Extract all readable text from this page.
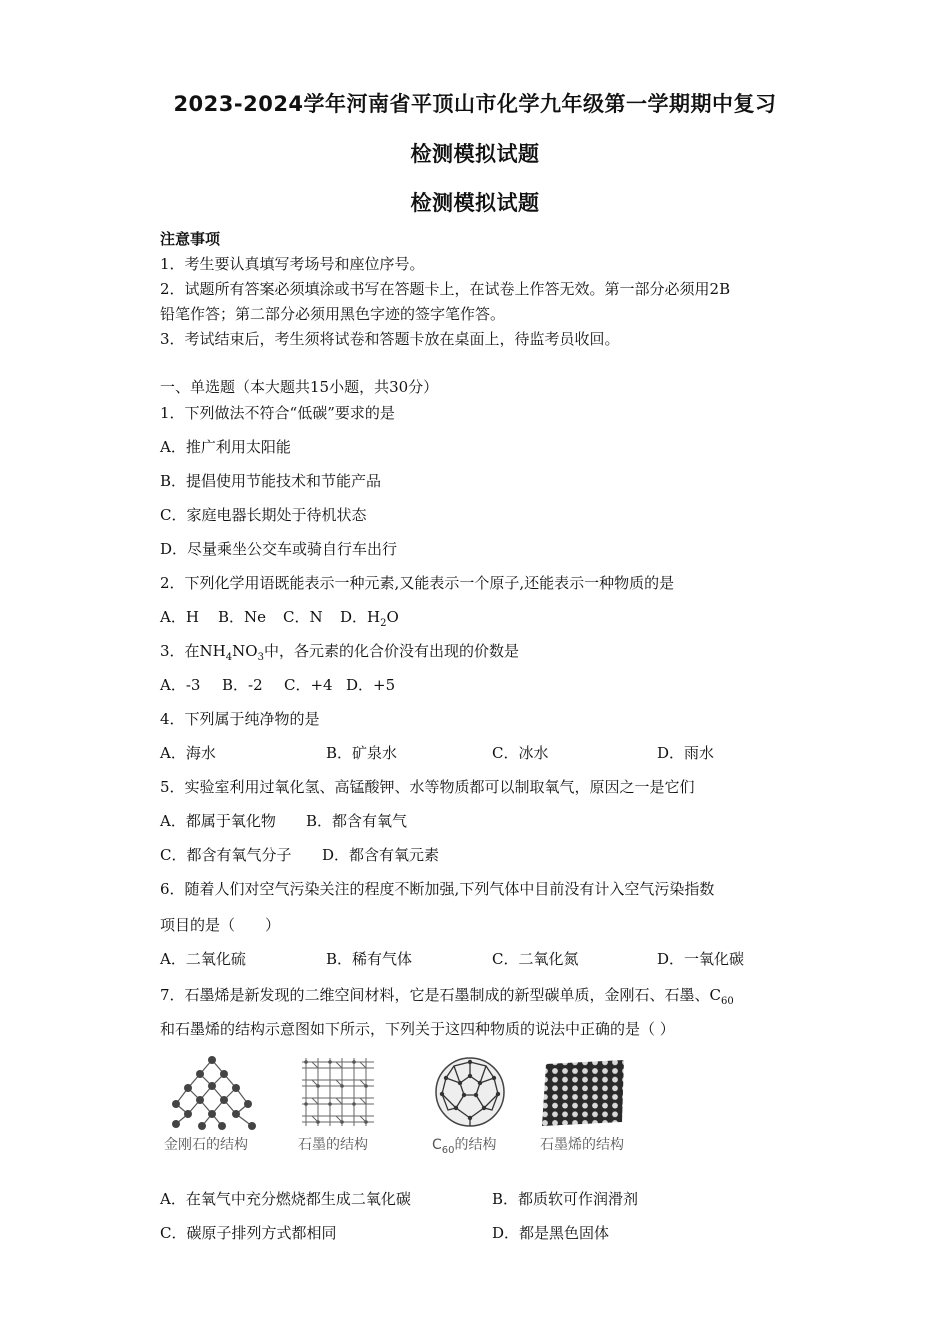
2023-2024学年河南省平顶山市化学九年级第一学期期中复习
检测模拟试题
检测模拟试题
注意事项
1．考生要认真填写考场号和座位序号。
2．试题所有答案必须填涂或书写在答题卡上，在试卷上作答无效。第一部分必须用2B
铅笔作答；第二部分必须用黑色字迹的签字笔作答。
3．考试结束后，考生须将试卷和答题卡放在桌面上，待监考员收回。
一、单选题（本大题共15小题，共30分）
1．下列做法不符合“低碳”要求的是
A．推广利用太阳能
B．提倡使用节能技术和节能产品
C．家庭电器长期处于待机状态
D．尽量乘坐公交车或骑自行车出行
2．下列化学用语既能表示一种元素,又能表示一个原子,还能表示一种物质的是
A．H B．Ne C．N D．$H_2O$
3．在$NH_4NO_3$中，各元素的化合价没有出现的价数是
A．-3 B．-2 C．+4 D．+5
4．下列属于纯净物的是
A．海水	B．矿泉水	C．冰水	D．雨水
5．实验室利用过氧化氢、高锰酸钾、水等物质都可以制取氧气，原因之一是它们
A．都属于氧化物 B．都含有氧气
C．都含有氧气分子 D．都含有氧元素
6．随着人们对空气污染关注的程度不断加强,下列气体中目前没有计入空气污染指数
项目的是（　　）
A．二氧化硫	B．稀有气体	C．二氧化氮	D．一氧化碳
7．石墨烯是新发现的二维空间材料，它是石墨制成的新型碳单质，金刚石、石墨、$C_{60}$
和石墨烯的结构示意图如下所示，下列关于这四种物质的说法中正确的是（ ）
金刚石的结构	石墨的结构	$C_{60}$的结构	石墨烯的结构
A．在氧气中充分燃烧都生成二氧化碳	B．都质软可作润滑剂
C．碳原子排列方式都相同	D．都是黑色固体
